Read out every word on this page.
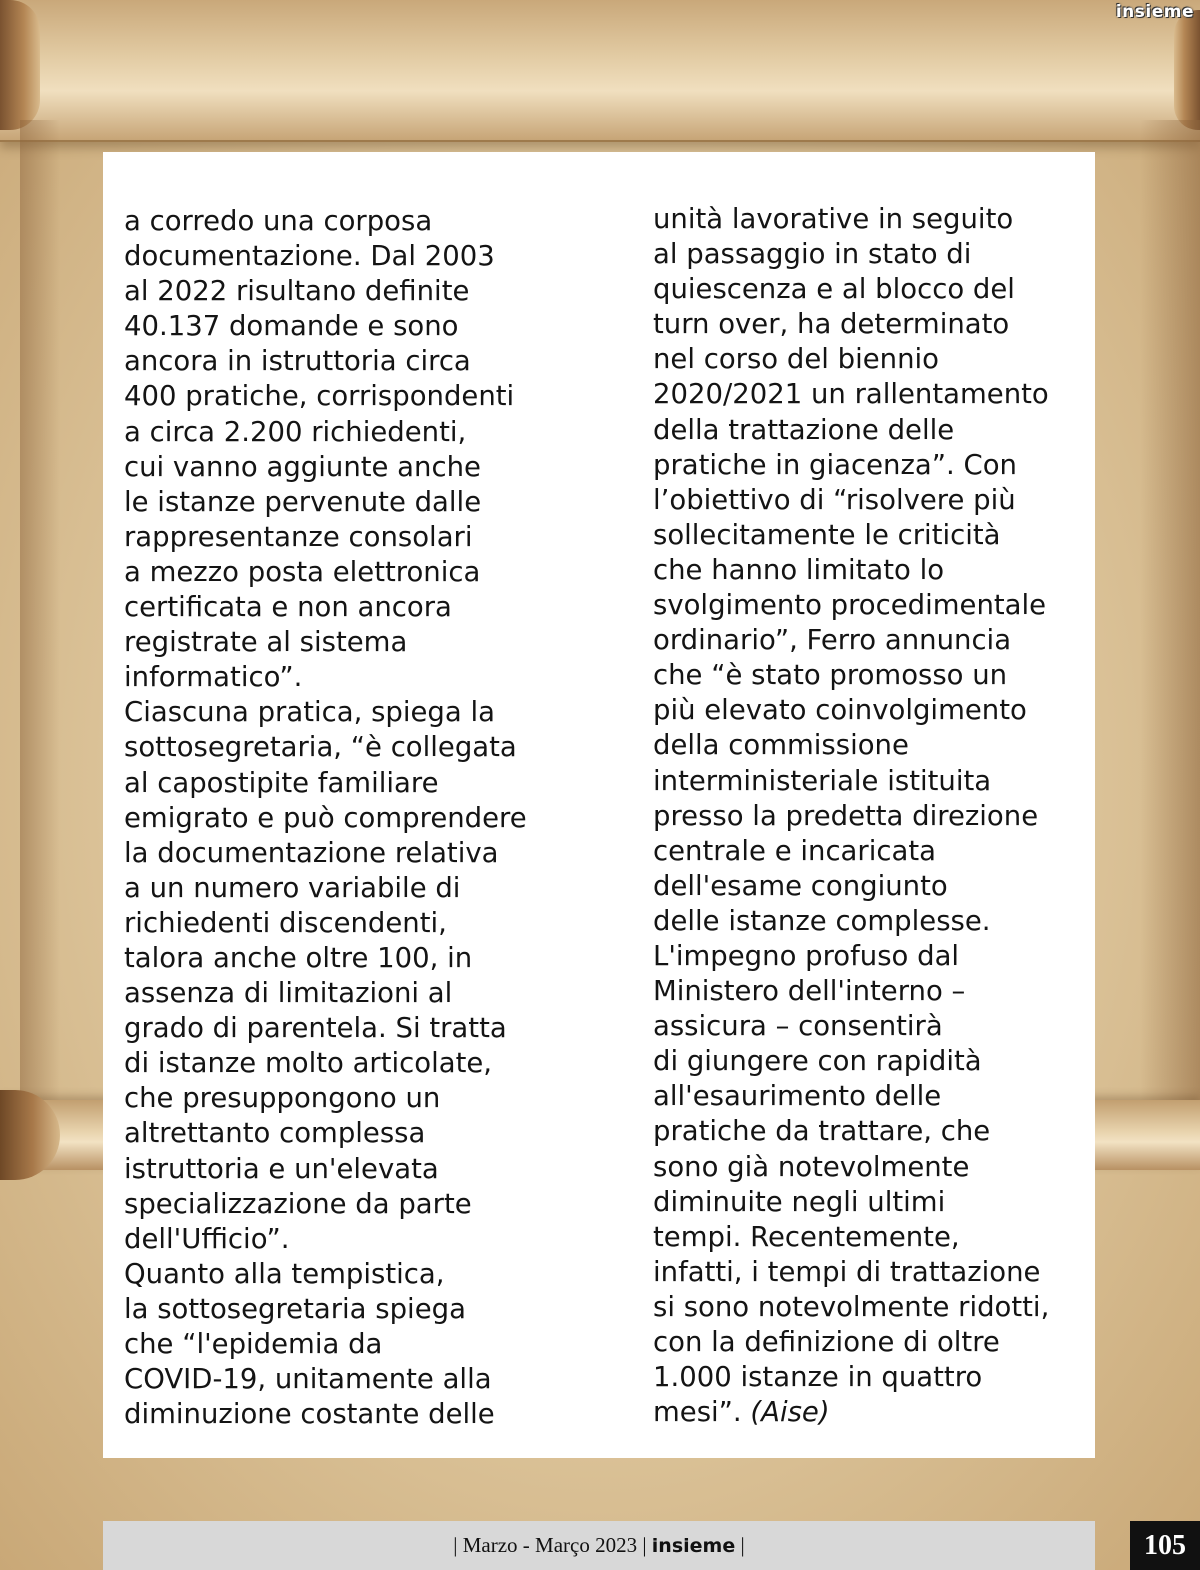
insieme

a corredo una corposa
documentazione. Dal 2003
al 2022 risultano definite
40.137 domande e sono
ancora in istruttoria circa
400 pratiche, corrispondenti
a circa 2.200 richiedenti,
cui vanno aggiunte anche
le istanze pervenute dalle
rappresentanze consolari
a mezzo posta elettronica
certificata e non ancora
registrate al sistema
informatico”.

Ciascuna pratica, spiega la
sottosegretaria, “è collegata
al capostipite familiare
emigrato e può comprendere
la documentazione relativa
a un numero variabile di
richiedenti discendenti,
talora anche oltre 100, in
assenza di limitazioni al
grado di parentela. Si tratta
di istanze molto articolate,
che presuppongono un
altrettanto complessa
istruttoria e un'elevata
specializzazione da parte
dell'Ufficio”.

Quanto alla tempistica,
la sottosegretaria spiega
che “l'epidemia da
COVID-19, unitamente alla
diminuzione costante delle

unità lavorative in seguito
al passaggio in stato di
quiescenza e al blocco del
turn over, ha determinato
nel corso del biennio
2020/2021 un rallentamento
della trattazione delle
pratiche in giacenza”. Con
l’obiettivo di “risolvere più
sollecitamente le criticità
che hanno limitato lo
svolgimento procedimentale
ordinario”, Ferro annuncia
che “è stato promosso un
più elevato coinvolgimento
della commissione
interministeriale istituita
presso la predetta direzione
centrale e incaricata
dell'esame congiunto
delle istanze complesse.
L'impegno profuso dal
Ministero dell'interno –
assicura – consentirà
di giungere con rapidità
all'esaurimento delle
pratiche da trattare, che
sono già notevolmente
diminuite negli ultimi
tempi. Recentemente,
infatti, i tempi di trattazione
si sono notevolmente ridotti,
con la definizione di oltre
1.000 istanze in quattro
mesi”. (Aise)

| Marzo - Março 2023 | insieme |	105
